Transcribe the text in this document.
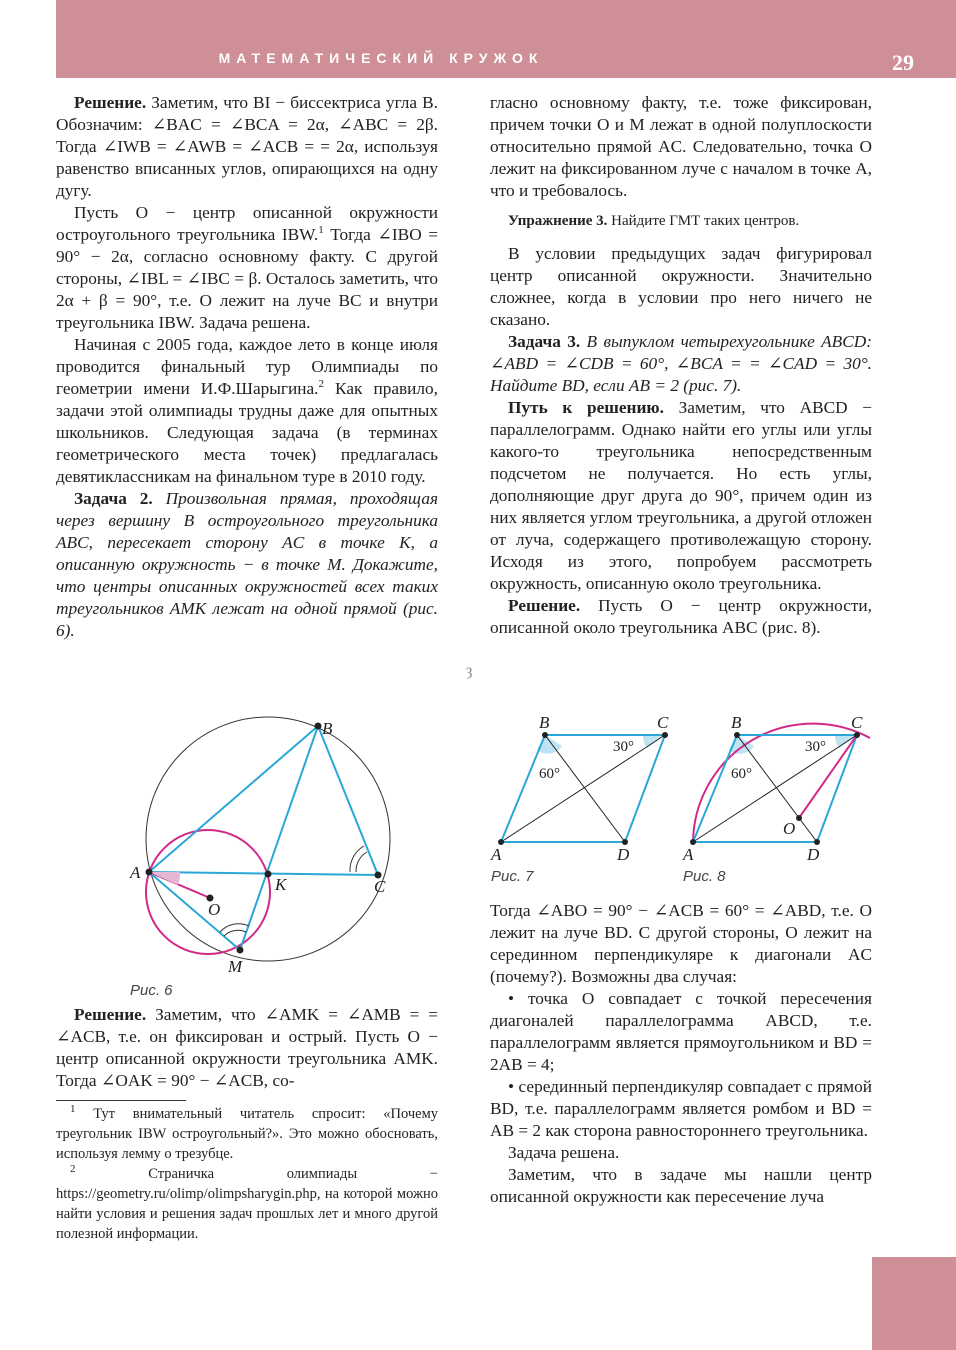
МАТЕМАТИЧЕСКИЙ КРУЖОК	29

Решение. Заметим, что BI − биссектриса угла B. Обозначим: ∠BAC = ∠BCA = 2α, ∠ABC = 2β. Тогда ∠IWB = ∠AWB = ∠ACB = = 2α, используя равенство вписанных углов, опирающихся на одну дугу.

Пусть O − центр описанной окружности остроугольного треугольника IBW.$^1$ Тогда ∠IBO = 90° − 2α, согласно основному факту. С другой стороны, ∠IBL = ∠IBC = β. Осталось заметить, что 2α + β = 90°, т.е. O лежит на луче BC и внутри треугольника IBW. Задача решена.

Начиная с 2005 года, каждое лето в конце июля проводится финальный тур Олимпиады по геометрии имени И.Ф.Шарыгина.$^2$ Как правило, задачи этой олимпиады трудны даже для опытных школьников. Следующая задача (в терминах геометрического места точек) предлагалась девятиклассникам на финальном туре в 2010 году.

Задача 2. Произвольная прямая, проходящая через вершину B остроугольного треугольника ABC, пересекает сторону AC в точке K, а описанную окружность − в точке M. Докажите, что центры описанных окружностей всех таких треугольников AMK лежат на одной прямой (рис. 6).

A
B
C
K
M
O
Рис. 6

Решение. Заметим, что ∠AMK = ∠AMB = = ∠ACB, т.е. он фиксирован и острый. Пусть O − центр описанной окружности треугольника AMK. Тогда ∠OAK = 90° − ∠ACB, со-

$^1$ Тут внимательный читатель спросит: «Почему треугольник IBW остроугольный?». Это можно обосновать, используя лемму о трезубце.

$^2$ Страничка олимпиады − https://geometry.ru/olimp/olimpsharygin.php, на которой можно найти условия и решения задач прошлых лет и много другой полезной информации.

гласно основному факту, т.е. тоже фиксирован, причем точки O и M лежат в одной полуплоскости относительно прямой AC. Следовательно, точка O лежит на фиксированном луче с началом в точке A, что и требовалось.

Упражнение 3. Найдите ГМТ таких центров.

В условии предыдущих задач фигурировал центр описанной окружности. Значительно сложнее, когда в условии про него ничего не сказано.

Задача 3. В выпуклом четырехугольнике ABCD: ∠ABD = ∠CDB = 60°, ∠BCA = = ∠CAD = 30°. Найдите BD, если AB = 2 (рис. 7).

Путь к решению. Заметим, что ABCD − параллелограмм. Однако найти его углы или углы какого-то треугольника непосредственным подсчетом не получается. Но есть углы, дополняющие друг друга до 90°, причем один из них является углом треугольника, а другой отложен от луча, содержащего противолежащую сторону. Исходя из этого, попробуем рассмотреть окружность, описанную около треугольника.

Решение. Пусть O − центр окружности, описанной около треугольника ABC (рис. 8).

ȝ
B	C
A	D
30°
60°
Рис. 7
B	C
A	D
O
30°
60°
Рис. 8

Тогда ∠ABO = 90° − ∠ACB = 60° = ∠ABD, т.е. O лежит на луче BD. С другой стороны, O лежит на серединном перпендикуляре к диагонали AC (почему?). Возможны два случая:

• точка O совпадает с точкой пересечения диагоналей параллелограмма ABCD, т.е. параллелограмм является прямоугольником и BD = 2AB = 4;

• серединный перпендикуляр совпадает с прямой BD, т.е. параллелограмм является ромбом и BD = AB = 2 как сторона равностороннего треугольника.

Задача решена.

Заметим, что в задаче мы нашли центр описанной окружности как пересечение луча
